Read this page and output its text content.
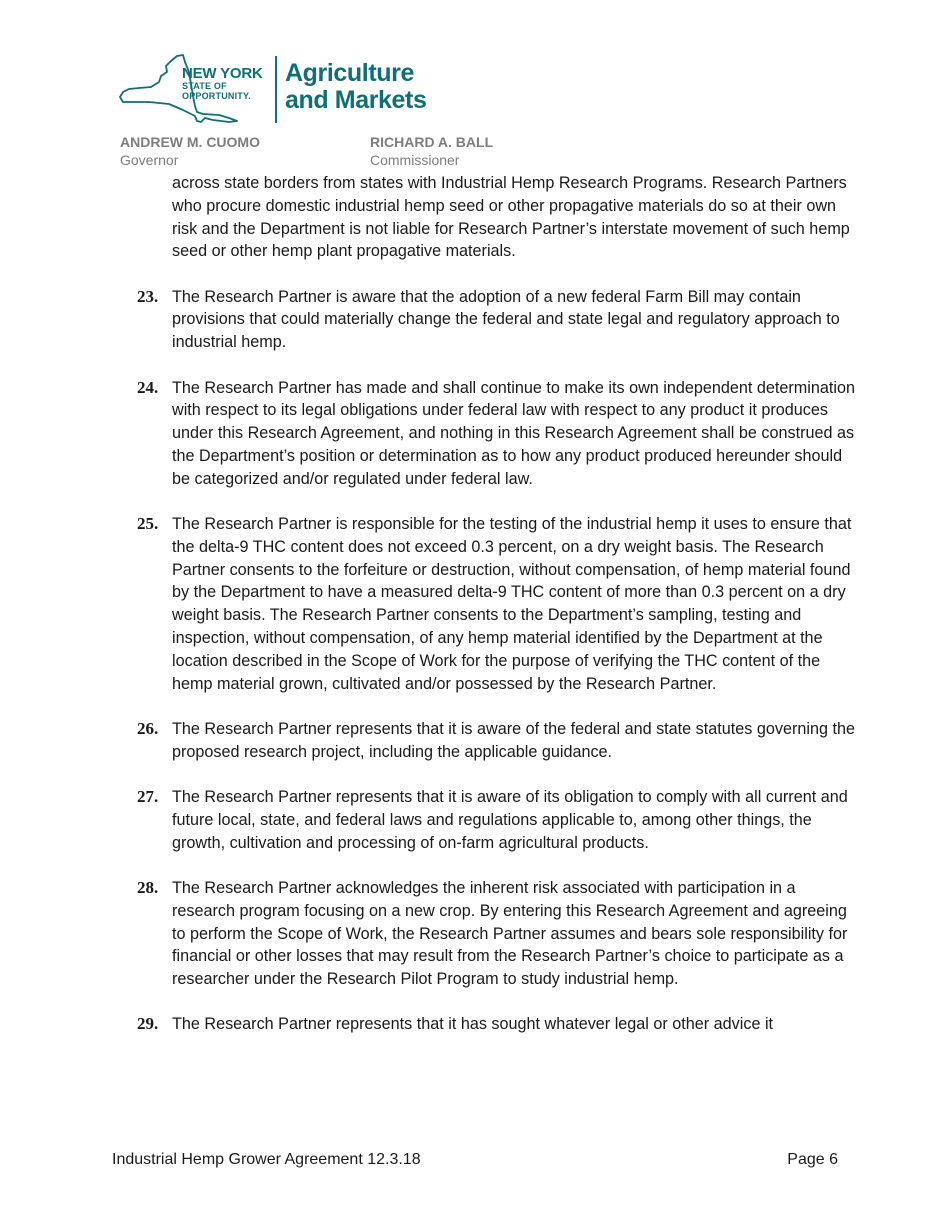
NEW YORK
STATE OF
OPPORTUNITY.
Agriculture
and Markets
ANDREW M. CUOMO
Governor
RICHARD A. BALL
Commissioner

across state borders from states with Industrial Hemp Research Programs. Research Partners who procure domestic industrial hemp seed or other propagative materials do so at their own risk and the Department is not liable for Research Partner’s interstate movement of such hemp seed or other hemp plant propagative materials.

23. The Research Partner is aware that the adoption of a new federal Farm Bill may contain provisions that could materially change the federal and state legal and regulatory approach to industrial hemp.

24. The Research Partner has made and shall continue to make its own independent determination with respect to its legal obligations under federal law with respect to any product it produces under this Research Agreement, and nothing in this Research Agreement shall be construed as the Department’s position or determination as to how any product produced hereunder should be categorized and/or regulated under federal law.

25. The Research Partner is responsible for the testing of the industrial hemp it uses to ensure that the delta-9 THC content does not exceed 0.3 percent, on a dry weight basis. The Research Partner consents to the forfeiture or destruction, without compensation, of hemp material found by the Department to have a measured delta-9 THC content of more than 0.3 percent on a dry weight basis. The Research Partner consents to the Department’s sampling, testing and inspection, without compensation, of any hemp material identified by the Department at the location described in the Scope of Work for the purpose of verifying the THC content of the hemp material grown, cultivated and/or possessed by the Research Partner.

26. The Research Partner represents that it is aware of the federal and state statutes governing the proposed research project, including the applicable guidance.

27. The Research Partner represents that it is aware of its obligation to comply with all current and future local, state, and federal laws and regulations applicable to, among other things, the growth, cultivation and processing of on-farm agricultural products.

28. The Research Partner acknowledges the inherent risk associated with participation in a research program focusing on a new crop. By entering this Research Agreement and agreeing to perform the Scope of Work, the Research Partner assumes and bears sole responsibility for financial or other losses that may result from the Research Partner’s choice to participate as a researcher under the Research Pilot Program to study industrial hemp.

29. The Research Partner represents that it has sought whatever legal or other advice it

Industrial Hemp Grower Agreement 12.3.18	Page 6
